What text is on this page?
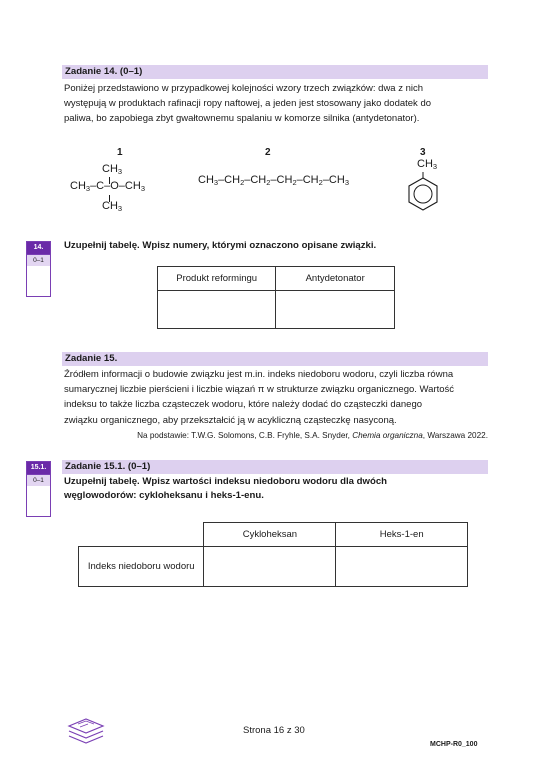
Zadanie 14. (0–1)
Poniżej przedstawiono w przypadkowej kolejności wzory trzech związków: dwa z nich
występują w produktach rafinacji ropy naftowej, a jeden jest stosowany jako dodatek do
paliwa, bo zapobiega zbyt gwałtownemu spalaniu w komorze silnika (antydetonator).
1	2	3
$CH_3$
$CH_3-C-O-CH_3$
$CH_3$
$CH_3-CH_2-CH_2-CH_2-CH_2-CH_3$
$CH_3$
14.
0–1
Uzupełnij tabelę. Wpisz numery, którymi oznaczono opisane związki.
Produkt reformingu	Antydetonator

Zadanie 15.
Źródłem informacji o budowie związku jest m.in. indeks niedoboru wodoru, czyli liczba równa
sumarycznej liczbie pierścieni i liczbie wiązań π w strukturze związku organicznego. Wartość
indeksu to także liczba cząsteczek wodoru, które należy dodać do cząsteczki danego
związku organicznego, aby przekształcić ją w acykliczną cząsteczkę nasyconą.
Na podstawie: T.W.G. Solomons, C.B. Fryhle, S.A. Snyder, Chemia organiczna, Warszawa 2022.
Zadanie 15.1. (0–1)
15.1.
0–1	Uzupełnij tabelę. Wpisz wartości indeksu niedoboru wodoru dla dwóch
węglowodorów: cykloheksanu i heks-1-enu.
	Cykloheksan	Heks-1-en
Indeks niedoboru wodoru		
Strona 16 z 30
MCHP-R0_100
